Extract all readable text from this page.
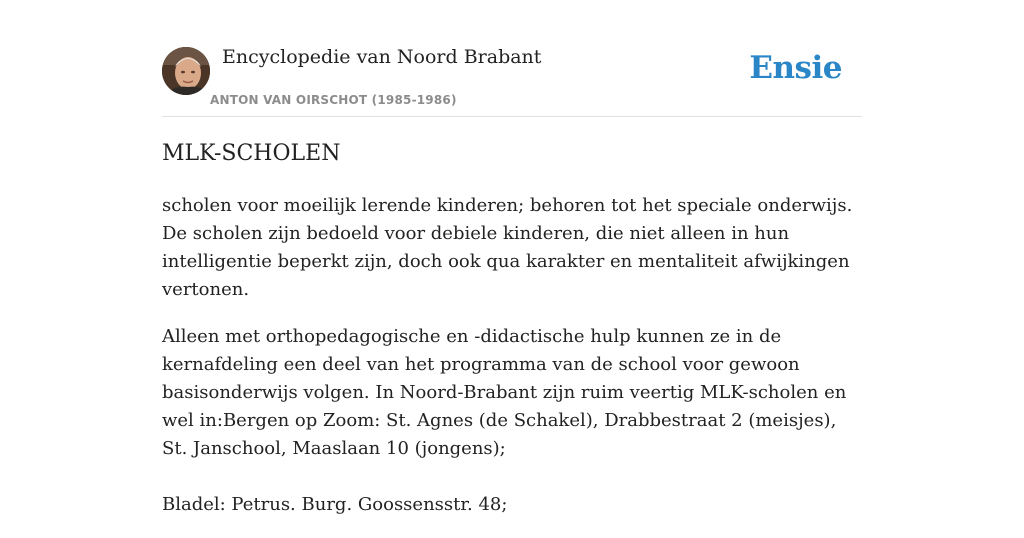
Encyclopedie van Noord Brabant
ANTON VAN OIRSCHOT (1985-1986)
Ensie
MLK-SCHOLEN

scholen voor moeilijk lerende kinderen; behoren tot het speciale onderwijs. De scholen zijn bedoeld voor debiele kinderen, die niet alleen in hun intelligentie beperkt zijn, doch ook qua karakter en mentaliteit afwijkingen vertonen.

Alleen met orthopedagogische en -didactische hulp kunnen ze in de kernafdeling een deel van het programma van de school voor gewoon basisonderwijs volgen. In Noord-Brabant zijn ruim veertig MLK-scholen en wel in:Bergen op Zoom: St. Agnes (de Schakel), Drabbestraat 2 (meisjes), St. Janschool, Maaslaan 10 (jongens);

Bladel: Petrus. Burg. Goossensstr. 48;
